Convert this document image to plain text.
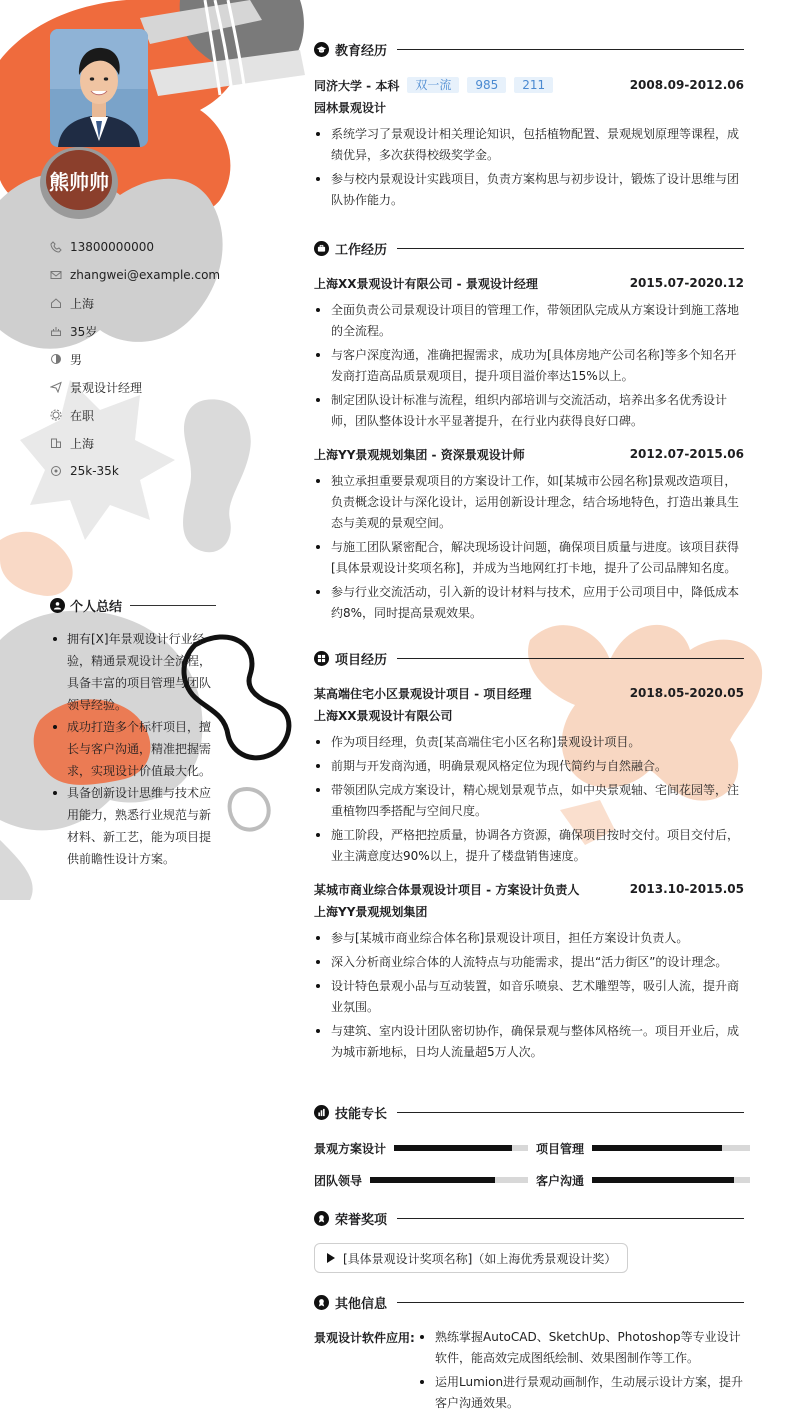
熊帅帅
13800000000
zhangwei@example.com
上海
35岁
男
景观设计经理
在职
上海
25k-35k
个人总结
拥有[X]年景观设计行业经验，精通景观设计全流程，具备丰富的项目管理与团队领导经验。
成功打造多个标杆项目，擅长与客户沟通，精准把握需求，实现设计价值最大化。
具备创新设计思维与技术应用能力，熟悉行业规范与新材料、新工艺，能为项目提供前瞻性设计方案。
教育经历
同济大学 - 本科	双一流	985	211	2008.09-2012.06
园林景观设计
系统学习了景观设计相关理论知识，包括植物配置、景观规划原理等课程，成绩优异，多次获得校级奖学金。
参与校内景观设计实践项目，负责方案构思与初步设计，锻炼了设计思维与团队协作能力。
工作经历
上海XX景观设计有限公司 - 景观设计经理	2015.07-2020.12
全面负责公司景观设计项目的管理工作，带领团队完成从方案设计到施工落地的全流程。
与客户深度沟通，准确把握需求，成功为[具体房地产公司名称]等多个知名开发商打造高品质景观项目，提升项目溢价率达15%以上。
制定团队设计标准与流程，组织内部培训与交流活动，培养出多名优秀设计师，团队整体设计水平显著提升，在行业内获得良好口碑。
上海YY景观规划集团 - 资深景观设计师	2012.07-2015.06
独立承担重要景观项目的方案设计工作，如[某城市公园名称]景观改造项目，负责概念设计与深化设计，运用创新设计理念，结合场地特色，打造出兼具生态与美观的景观空间。
与施工团队紧密配合，解决现场设计问题，确保项目质量与进度。该项目获得[具体景观设计奖项名称]，并成为当地网红打卡地，提升了公司品牌知名度。
参与行业交流活动，引入新的设计材料与技术，应用于公司项目中，降低成本约8%，同时提高景观效果。
项目经历
某高端住宅小区景观设计项目 - 项目经理	2018.05-2020.05
上海XX景观设计有限公司
作为项目经理，负责[某高端住宅小区名称]景观设计项目。
前期与开发商沟通，明确景观风格定位为现代简约与自然融合。
带领团队完成方案设计，精心规划景观节点，如中央景观轴、宅间花园等，注重植物四季搭配与空间尺度。
施工阶段，严格把控质量，协调各方资源，确保项目按时交付。项目交付后，业主满意度达90%以上，提升了楼盘销售速度。
某城市商业综合体景观设计项目 - 方案设计负责人	2013.10-2015.05
上海YY景观规划集团
参与[某城市商业综合体名称]景观设计项目，担任方案设计负责人。
深入分析商业综合体的人流特点与功能需求，提出“活力街区”的设计理念。
设计特色景观小品与互动装置，如音乐喷泉、艺术雕塑等，吸引人流，提升商业氛围。
与建筑、室内设计团队密切协作，确保景观与整体风格统一。项目开业后，成为城市新地标，日均人流量超5万人次。
技能专长
景观方案设计	项目管理
团队领导	客户沟通
荣誉奖项
[具体景观设计奖项名称]（如上海优秀景观设计奖）
其他信息
景观设计软件应用:	熟练掌握AutoCAD、SketchUp、Photoshop等专业设计软件，能高效完成图纸绘制、效果图制作等工作。
运用Lumion进行景观动画制作，生动展示设计方案，提升客户沟通效果。
